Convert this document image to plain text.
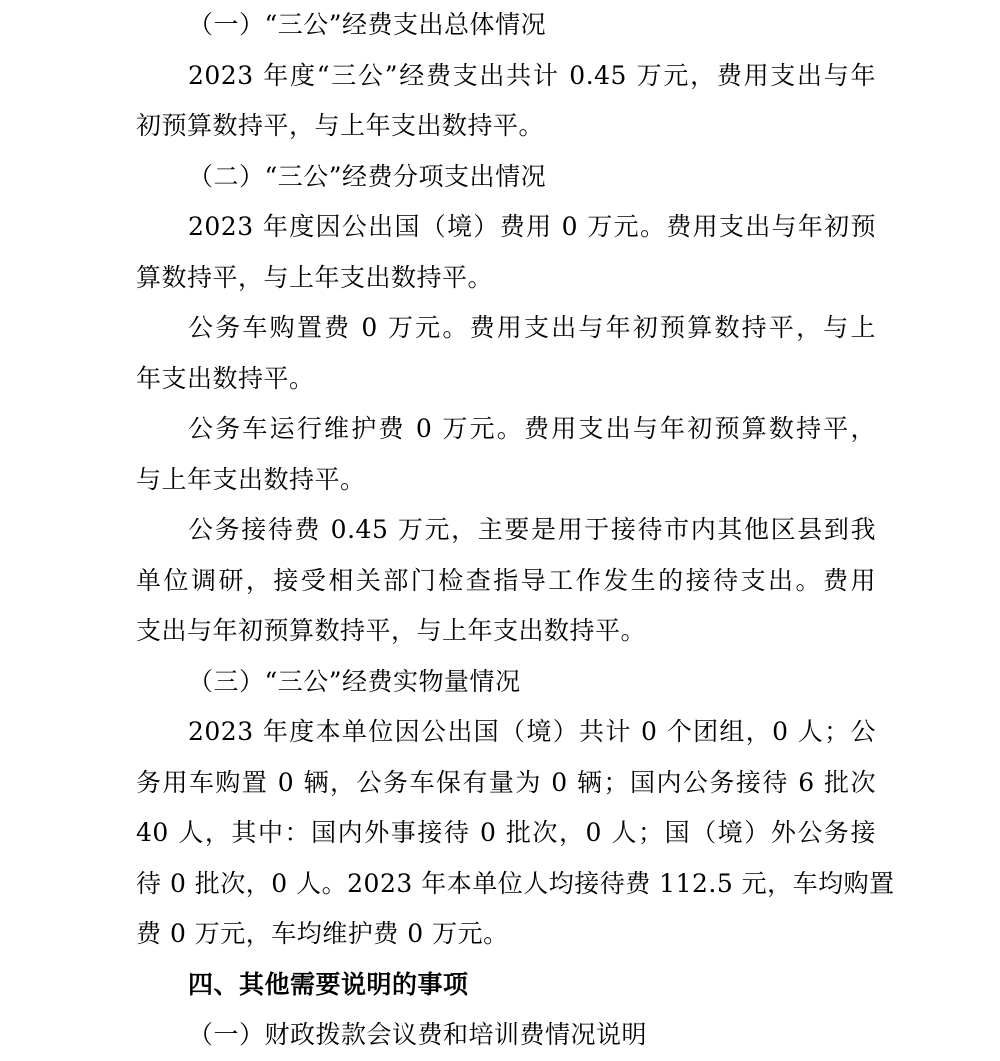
（一）“三公”经费支出总体情况
2023 年度“三公”经费支出共计 0.45 万元，费用支出与年
初预算数持平，与上年支出数持平。
（二）“三公”经费分项支出情况
2023 年度因公出国（境）费用 0 万元。费用支出与年初预
算数持平，与上年支出数持平。
公务车购置费 0 万元。费用支出与年初预算数持平，与上
年支出数持平。
公务车运行维护费 0 万元。费用支出与年初预算数持平，
与上年支出数持平。
公务接待费 0.45 万元，主要是用于接待市内其他区县到我
单位调研，接受相关部门检查指导工作发生的接待支出。费用
支出与年初预算数持平，与上年支出数持平。
（三）“三公”经费实物量情况
2023 年度本单位因公出国（境）共计 0 个团组，0 人；公
务用车购置 0 辆，公务车保有量为 0 辆；国内公务接待 6 批次
40 人，其中：国内外事接待 0 批次，0 人；国（境）外公务接
待 0 批次，0 人。2023 年本单位人均接待费 112.5 元，车均购置
费 0 万元，车均维护费 0 万元。
四、其他需要说明的事项
（一）财政拨款会议费和培训费情况说明
